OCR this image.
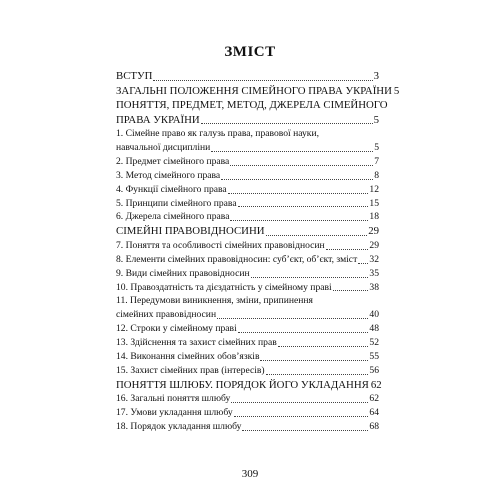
ЗМІСТ
ВСТУП	3
ЗАГАЛЬНІ ПОЛОЖЕННЯ СІМЕЙНОГО ПРАВА УКРАЇНИ 5
ПОНЯТТЯ, ПРЕДМЕТ, МЕТОД, ДЖЕРЕЛА СІМЕЙНОГО
ПРАВА УКРАЇНИ	5
1. Сімейне право як галузь права, правової науки,
навчальної дисципліни	5
2. Предмет сімейного права	7
3. Метод сімейного права	8
4. Функції сімейного права	12
5. Принципи сімейного права	15
6. Джерела сімейного права	18
СІМЕЙНІ ПРАВОВІДНОСИНИ	29
7. Поняття та особливості сімейних правовідносин	29
8. Елементи сімейних правовідносин: суб’єкт, об’єкт, зміст 32
9. Види сімейних правовідносин	35
10. Правоздатність та дієздатність у сімейному праві	38
11. Передумови виникнення, зміни, припинення
сімейних правовідносин	40
12. Строки у сімейному праві	48
13. Здійснення та захист сімейних прав	52
14. Виконання сімейних обов’язків	55
15. Захист сімейних прав (інтересів)	56
ПОНЯТТЯ ШЛЮБУ. ПОРЯДОК ЙОГО УКЛАДАННЯ 62
16. Загальні поняття шлюбу	62
17. Умови укладання шлюбу	64
18. Порядок укладання шлюбу	68
309
